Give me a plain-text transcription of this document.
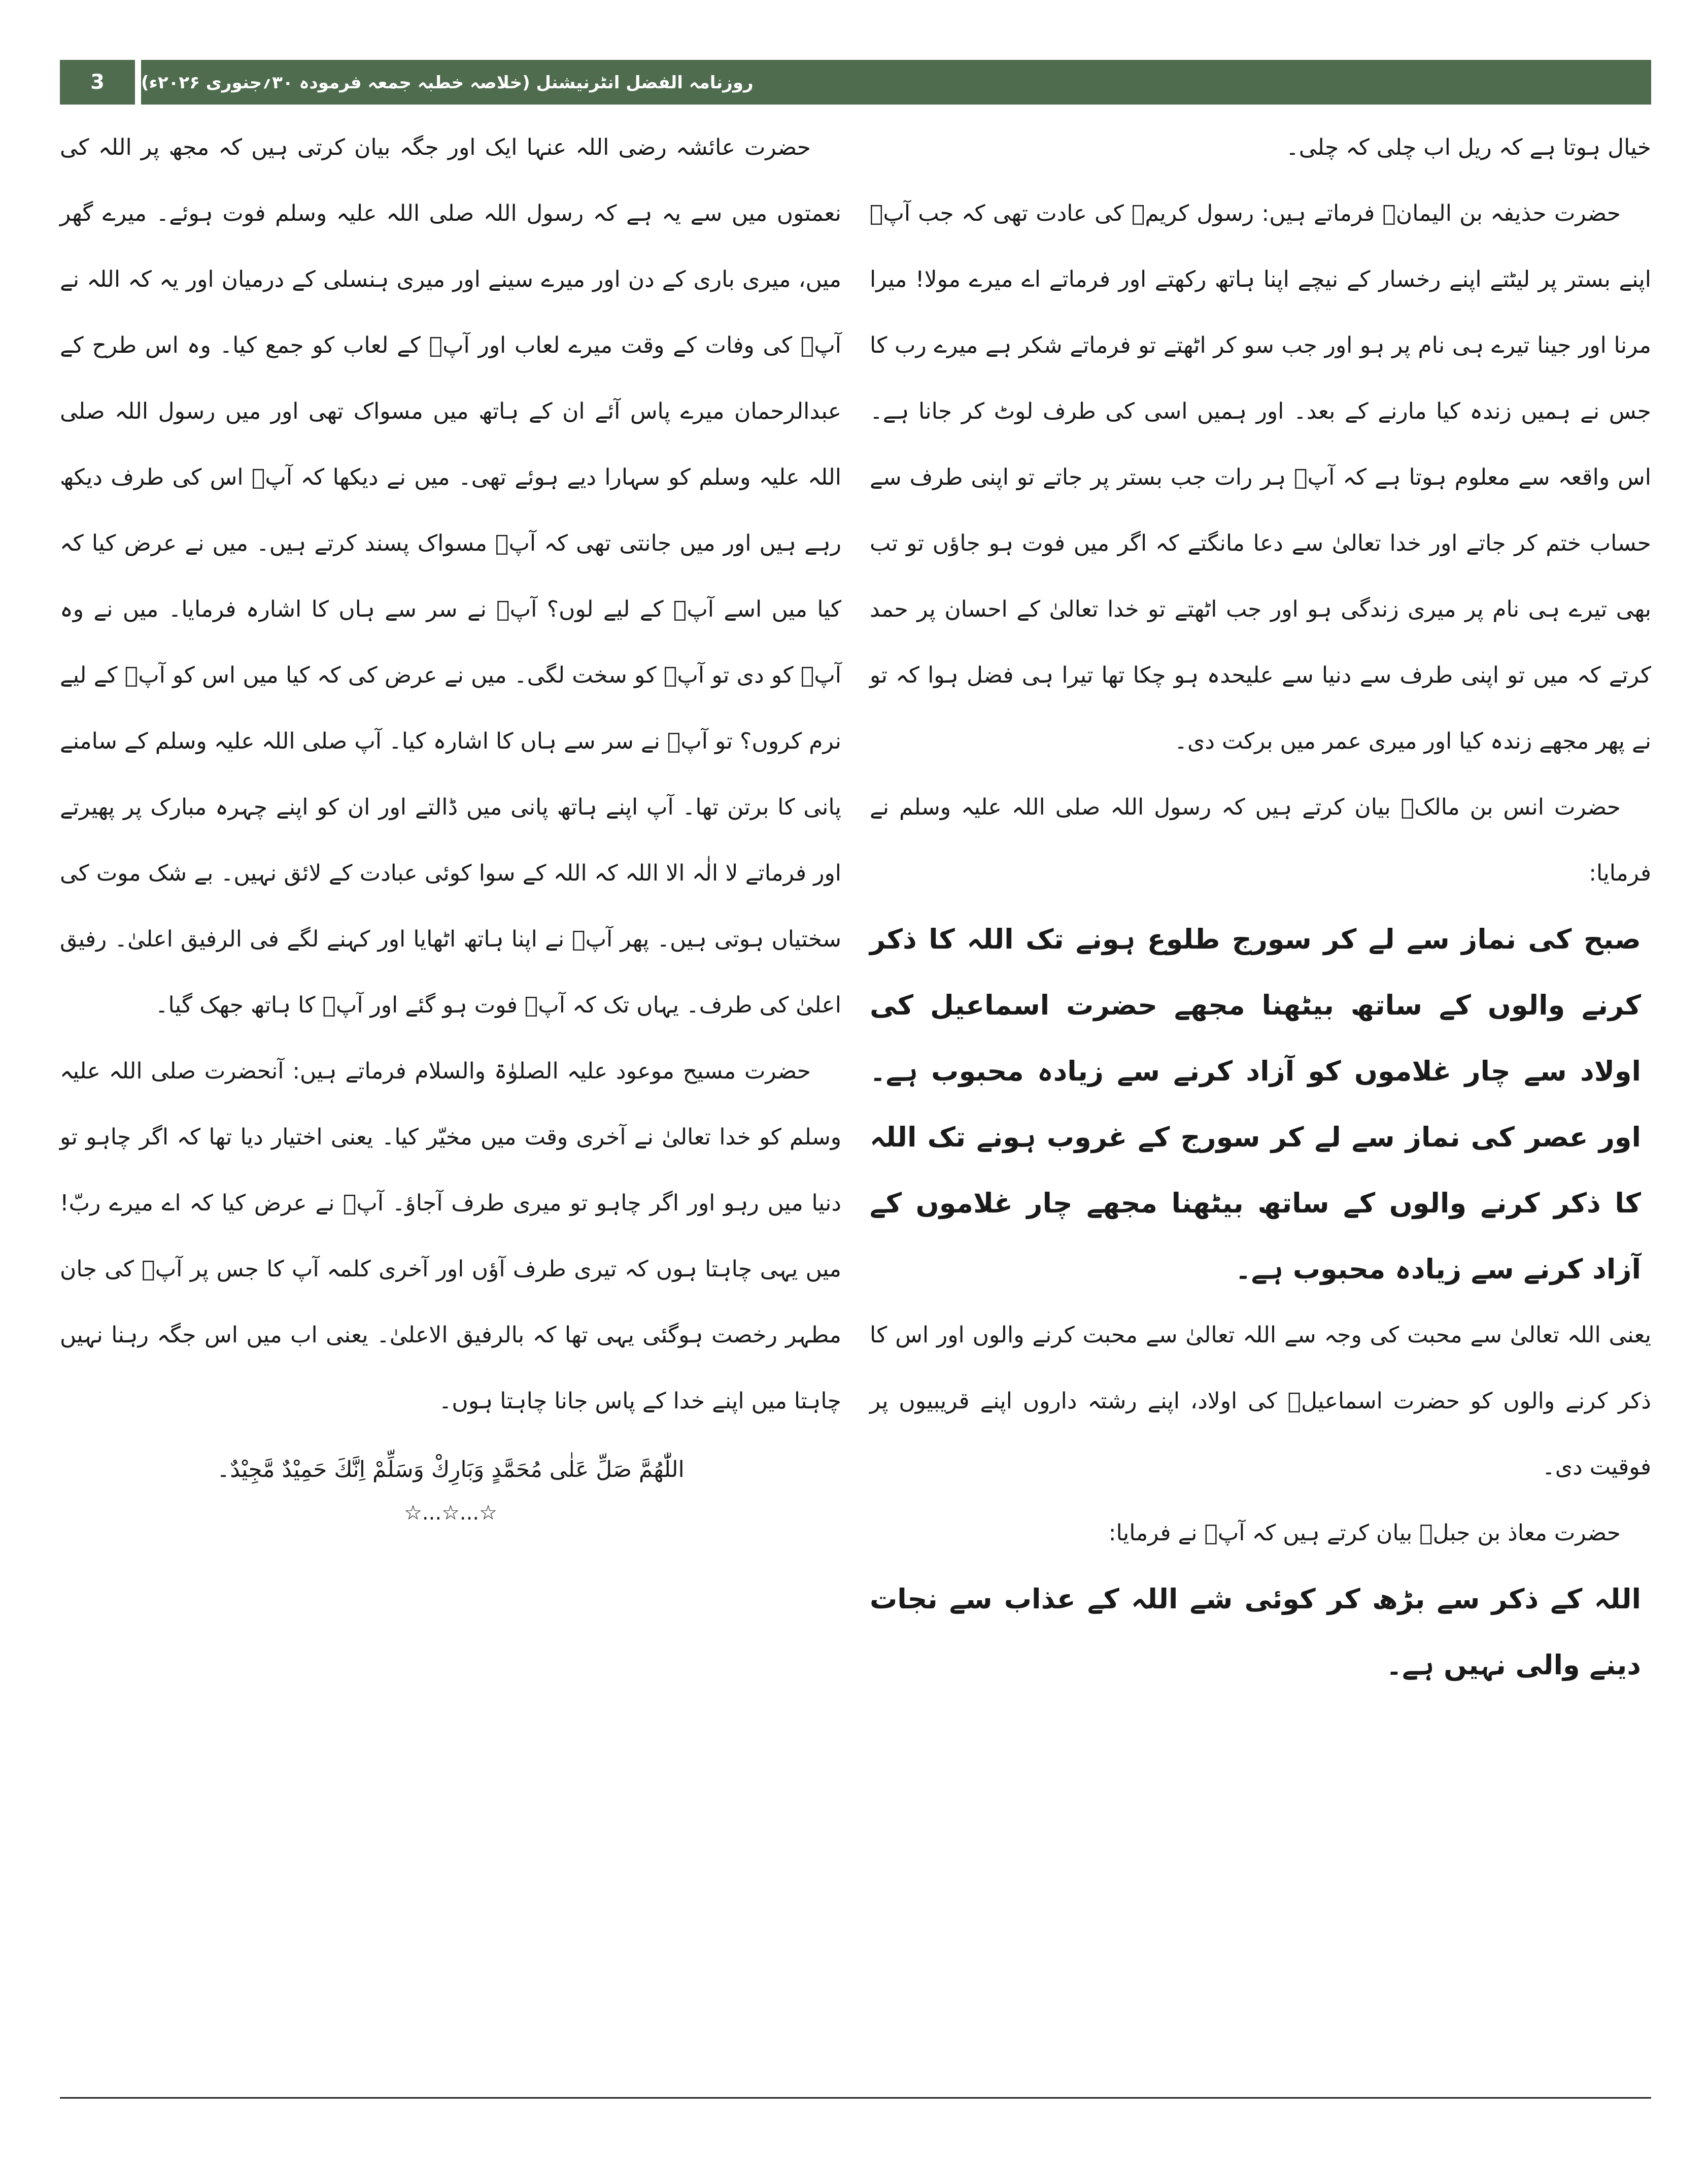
3	روزنامہ الفضل انٹرنیشنل (خلاصہ خطبہ جمعہ فرمودہ ۳۰؍جنوری ۲۰۲۶ء)

خیال ہوتا ہے کہ ریل اب چلی کہ چلی۔

حضرت حذیفہ بن الیمانؓ فرماتے ہیں: رسول کریمؐ کی عادت تھی کہ جب آپؐ اپنے بستر پر لیٹتے اپنے رخسار کے نیچے اپنا ہاتھ رکھتے اور فرماتے اے میرے مولا! میرا مرنا اور جینا تیرے ہی نام پر ہو اور جب سو کر اٹھتے تو فرماتے شکر ہے میرے رب کا جس نے ہمیں زندہ کیا مارنے کے بعد۔ اور ہمیں اسی کی طرف لوٹ کر جانا ہے۔ اس واقعہ سے معلوم ہوتا ہے کہ آپؐ ہر رات جب بستر پر جاتے تو اپنی طرف سے حساب ختم کر جاتے اور خدا تعالیٰ سے دعا مانگتے کہ اگر میں فوت ہو جاؤں تو تب بھی تیرے ہی نام پر میری زندگی ہو اور جب اٹھتے تو خدا تعالیٰ کے احسان پر حمد کرتے کہ میں تو اپنی طرف سے دنیا سے علیحدہ ہو چکا تھا تیرا ہی فضل ہوا کہ تو نے پھر مجھے زندہ کیا اور میری عمر میں برکت دی۔

حضرت انس بن مالکؓ بیان کرتے ہیں کہ رسول اللہ صلی اللہ علیہ وسلم نے فرمایا:

صبح کی نماز سے لے کر سورج طلوع ہونے تک اللہ کا ذکر کرنے والوں کے ساتھ بیٹھنا مجھے حضرت اسماعیل کی اولاد سے چار غلاموں کو آزاد کرنے سے زیادہ محبوب ہے۔ اور عصر کی نماز سے لے کر سورج کے غروب ہونے تک اللہ کا ذکر کرنے والوں کے ساتھ بیٹھنا مجھے چار غلاموں کے آزاد کرنے سے زیادہ محبوب ہے۔

یعنی اللہ تعالیٰ سے محبت کی وجہ سے اللہ تعالیٰ سے محبت کرنے والوں اور اس کا ذکر کرنے والوں کو حضرت اسماعیلؑ کی اولاد، اپنے رشتہ داروں اپنے قریبیوں پر فوقیت دی۔

حضرت معاذ بن جبلؓ بیان کرتے ہیں کہ آپؐ نے فرمایا:

اللہ کے ذکر سے بڑھ کر کوئی شے اللہ کے عذاب سے نجات دینے والی نہیں ہے۔

حضرت عائشہ رضی اللہ عنہا ایک اور جگہ بیان کرتی ہیں کہ مجھ پر اللہ کی نعمتوں میں سے یہ ہے کہ رسول اللہ صلی اللہ علیہ وسلم فوت ہوئے۔ میرے گھر میں، میری باری کے دن اور میرے سینے اور میری ہنسلی کے درمیان اور یہ کہ اللہ نے آپؐ کی وفات کے وقت میرے لعاب اور آپؐ کے لعاب کو جمع کیا۔ وہ اس طرح کے عبدالرحمان میرے پاس آئے ان کے ہاتھ میں مسواک تھی اور میں رسول اللہ صلی اللہ علیہ وسلم کو سہارا دیے ہوئے تھی۔ میں نے دیکھا کہ آپؐ اس کی طرف دیکھ رہے ہیں اور میں جانتی تھی کہ آپؐ مسواک پسند کرتے ہیں۔ میں نے عرض کیا کہ کیا میں اسے آپؐ کے لیے لوں؟ آپؐ نے سر سے ہاں کا اشارہ فرمایا۔ میں نے وہ آپؐ کو دی تو آپؐ کو سخت لگی۔ میں نے عرض کی کہ کیا میں اس کو آپؐ کے لیے نرم کروں؟ تو آپؐ نے سر سے ہاں کا اشارہ کیا۔ آپ صلی اللہ علیہ وسلم کے سامنے پانی کا برتن تھا۔ آپ اپنے ہاتھ پانی میں ڈالتے اور ان کو اپنے چہرہ مبارک پر پھیرتے اور فرماتے لا الٰہ الا اللہ کہ اللہ کے سوا کوئی عبادت کے لائق نہیں۔ بے شک موت کی سختیاں ہوتی ہیں۔ پھر آپؐ نے اپنا ہاتھ اٹھایا اور کہنے لگے فی الرفیق اعلیٰ۔ رفیق اعلیٰ کی طرف۔ یہاں تک کہ آپؐ فوت ہو گئے اور آپؐ کا ہاتھ جھک گیا۔

حضرت مسیح موعود علیہ الصلوٰۃ والسلام فرماتے ہیں: آنحضرت صلی اللہ علیہ وسلم کو خدا تعالیٰ نے آخری وقت میں مخیّر کیا۔ یعنی اختیار دیا تھا کہ اگر چاہو تو دنیا میں رہو اور اگر چاہو تو میری طرف آجاؤ۔ آپؐ نے عرض کیا کہ اے میرے ربّ! میں یہی چاہتا ہوں کہ تیری طرف آؤں اور آخری کلمہ آپ کا جس پر آپؐ کی جان مطہر رخصت ہوگئی یہی تھا کہ بالرفیق الاعلیٰ۔ یعنی اب میں اس جگہ رہنا نہیں چاہتا میں اپنے خدا کے پاس جانا چاہتا ہوں۔

اللّٰهُمَّ صَلِّ عَلٰى مُحَمَّدٍ وَبَارِكْ وَسَلِّمْ اِنَّكَ حَمِيْدٌ مَّجِيْدٌ۔
☆...☆...☆
